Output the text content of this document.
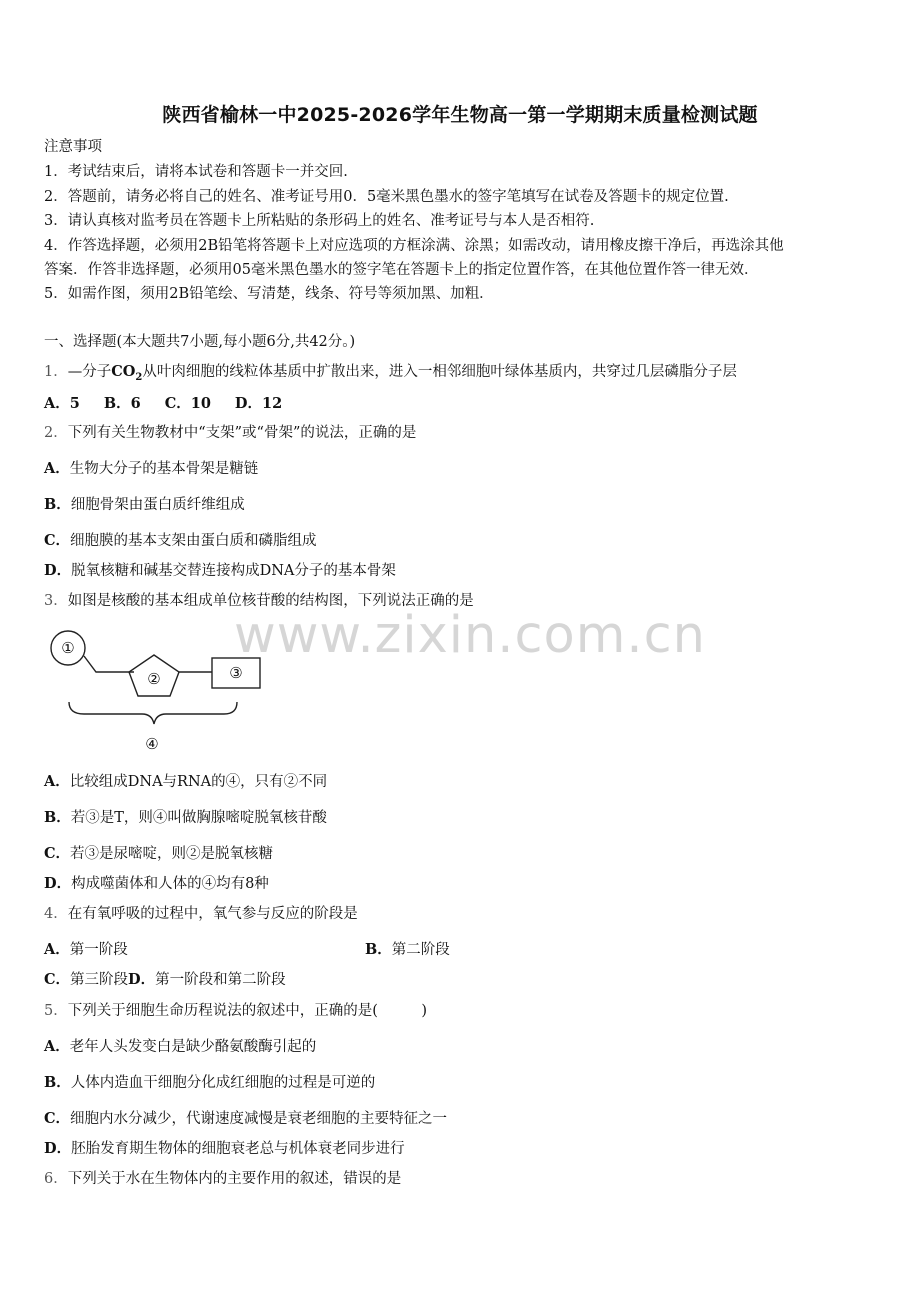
www.zixin.com.cn
陕西省榆林一中2025-2026学年生物高一第一学期期末质量检测试题
注意事项
1．考试结束后，请将本试卷和答题卡一并交回.
2．答题前，请务必将自己的姓名、准考证号用0．5毫米黑色墨水的签字笔填写在试卷及答题卡的规定位置.
3．请认真核对监考员在答题卡上所粘贴的条形码上的姓名、准考证号与本人是否相符.
4．作答选择题，必须用2B铅笔将答题卡上对应选项的方框涂满、涂黑；如需改动，请用橡皮擦干净后，再选涂其他
答案．作答非选择题，必须用05毫米黑色墨水的签字笔在答题卡上的指定位置作答，在其他位置作答一律无效．
5．如需作图，须用2B铅笔绘、写清楚，线条、符号等须加黑、加粗．
一、选择题(本大题共7小题,每小题6分,共42分。)
1．—分子$CO_2$从叶肉细胞的线粒体基质中扩散出来，进入一相邻细胞叶绿体基质内，共穿过几层磷脂分子层
A．5 B．6 C．10 D．12
2．下列有关生物教材中“支架”或“骨架”的说法，正确的是
A．生物大分子的基本骨架是糖链
B．细胞骨架由蛋白质纤维组成
C．细胞膜的基本支架由蛋白质和磷脂组成
D．脱氧核糖和碱基交替连接构成DNA分子的基本骨架
3．如图是核酸的基本组成单位核苷酸的结构图，下列说法正确的是
①
②	③
④
A．比较组成DNA与RNA的④，只有②不同
B．若③是T，则④叫做胸腺嘧啶脱氧核苷酸
C．若③是尿嘧啶，则②是脱氧核糖
D．构成噬菌体和人体的④均有8种
4．在有氧呼吸的过程中，氧气参与反应的阶段是
A．第一阶段	B．第二阶段
C．第三阶段D．第一阶段和第二阶段
5．下列关于细胞生命历程说法的叙述中，正确的是(　　　)
A．老年人头发变白是缺少酪氨酸酶引起的
B．人体内造血干细胞分化成红细胞的过程是可逆的
C．细胞内水分减少，代谢速度减慢是衰老细胞的主要特征之一
D．胚胎发育期生物体的细胞衰老总与机体衰老同步进行
6．下列关于水在生物体内的主要作用的叙述，错误的是
